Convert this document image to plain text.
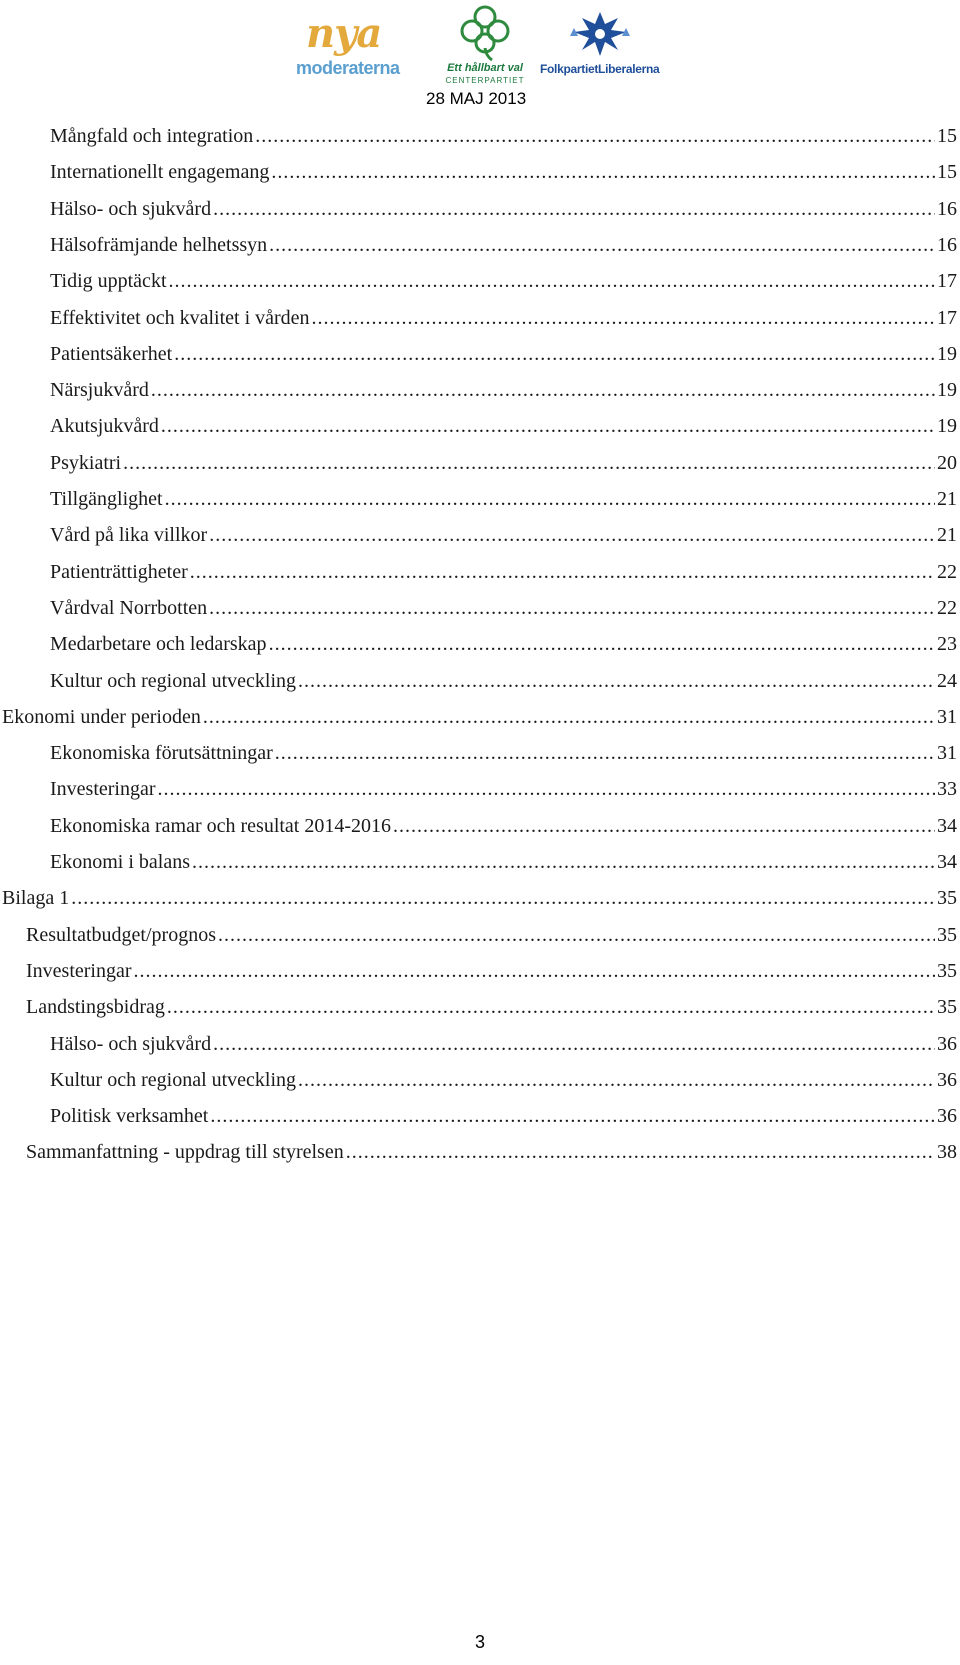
nya
moderaterna	Ett hållbart val
CENTERPARTIET
FolkpartietLiberalerna
28 MAJ 2013
Mångfald och integration .....	15
Internationellt engagemang .....	15
Hälso- och sjukvård .....	16
Hälsofrämjande helhetssyn .....	16
Tidig upptäckt .....	17
Effektivitet och kvalitet i vården .....	17
Patientsäkerhet .....	19
Närsjukvård .....	19
Akutsjukvård .....	19
Psykiatri .....	20
Tillgänglighet .....	21
Vård på lika villkor .....	21
Patienträttigheter .....	22
Vårdval Norrbotten .....	22
Medarbetare och ledarskap .....	23
Kultur och regional utveckling .....	24
Ekonomi under perioden .....	31
Ekonomiska förutsättningar .....	31
Investeringar .....	33
Ekonomiska ramar och resultat 2014-2016 .....	34
Ekonomi i balans .....	34
Bilaga 1 .....	35
Resultatbudget/prognos .....	35
Investeringar .....	35
Landstingsbidrag .....	35
Hälso- och sjukvård .....	36
Kultur och regional utveckling .....	36
Politisk verksamhet .....	36
Sammanfattning - uppdrag till styrelsen .....	38
3
